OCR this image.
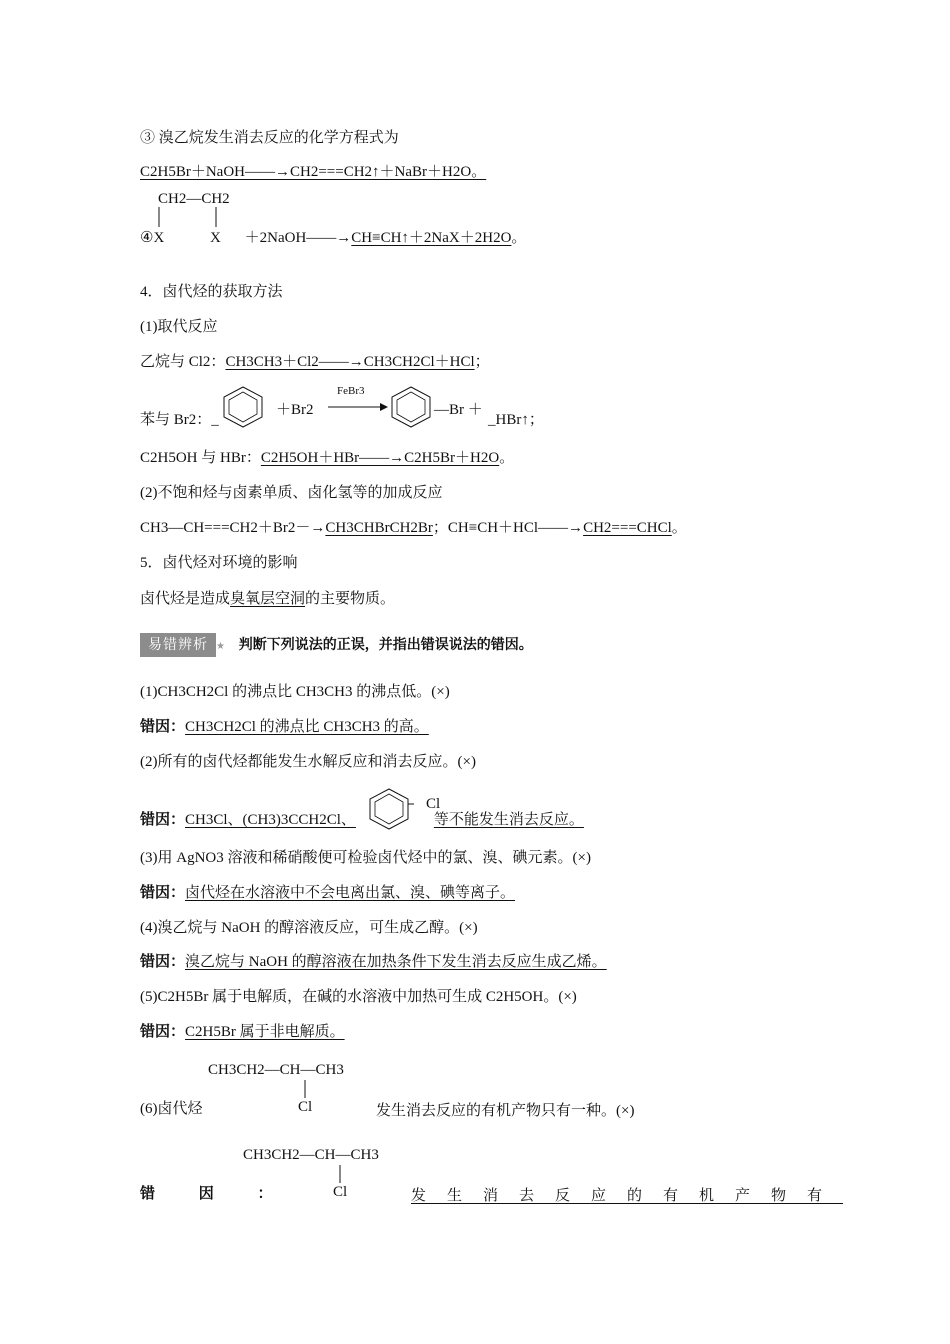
③ 溴乙烷发生消去反应的化学方程式为
C2H5Br＋NaOH——→CH2===CH2↑＋NaBr＋H2O。
CH2—CH2
④X	X ＋2NaOH——→CH≡CH↑＋2NaX＋2H2O。
4．卤代烃的获取方法
(1)取代反应
乙烷与 Cl2：CH3CH3＋Cl2——→CH3CH2Cl＋HCl；
苯与 Br2：_
＋Br2
FeBr3
—Br ＋
_HBr↑；
C2H5OH 与 HBr：C2H5OH＋HBr——→C2H5Br＋H2O。
(2)不饱和烃与卤素单质、卤化氢等的加成反应
CH3—CH===CH2＋Br2－→CH3CHBrCH2Br；CH≡CH＋HCl——→CH2===CHCl。
5．卤代烃对环境的影响
卤代烃是造成臭氧层空洞的主要物质。
易错辨析 ★ 判断下列说法的正误，并指出错误说法的错因。
(1)CH3CH2Cl 的沸点比 CH3CH3 的沸点低。(×)
错因：CH3CH2Cl 的沸点比 CH3CH3 的高。
(2)所有的卤代烃都能发生水解反应和消去反应。(×)
Cl
错因：CH3Cl、(CH3)3CCH2Cl、	等不能发生消去反应。
(3)用 AgNO3 溶液和稀硝酸便可检验卤代烃中的氯、溴、碘元素。(×)
错因：卤代烃在水溶液中不会电离出氯、溴、碘等离子。
(4)溴乙烷与 NaOH 的醇溶液反应，可生成乙醇。(×)
错因：溴乙烷与 NaOH 的醇溶液在加热条件下发生消去反应生成乙烯。
(5)C2H5Br 属于电解质，在碱的水溶液中加热可生成 C2H5OH。(×)
错因：C2H5Br 属于非电解质。
CH3CH2—CH—CH3
Cl
(6)卤代烃	发生消去反应的有机产物只有一种。(×)
CH3CH2—CH—CH3
Cl
错 因 ：	发生消去反应的有机产物有
